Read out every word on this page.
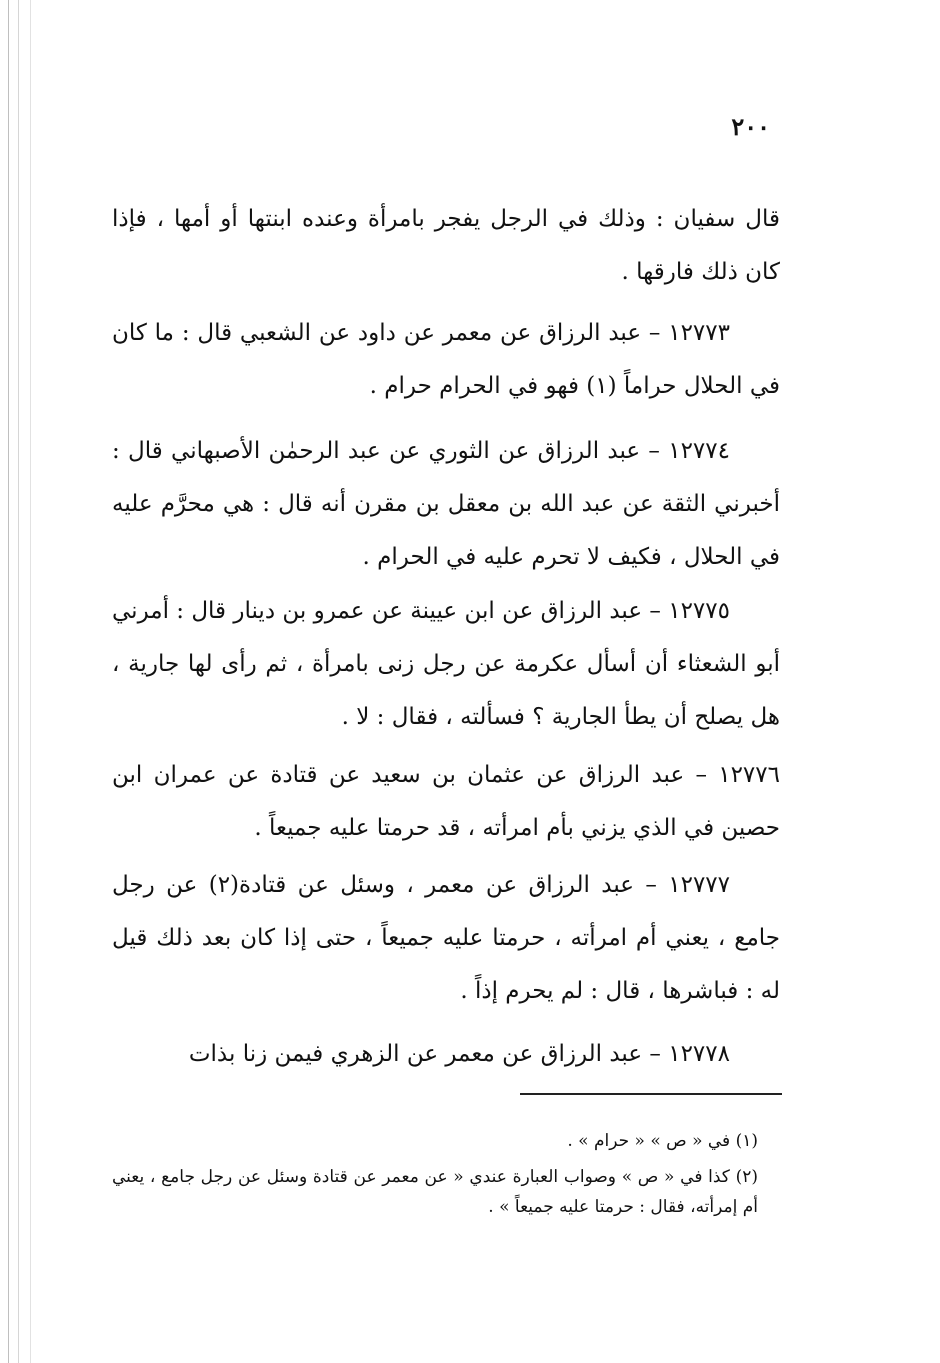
٢٠٠

قال سفيان : وذلك في الرجل يفجر بامرأة وعنده ابنتها أو أمها ، فإذا كان ذلك فارقها .

١٢٧٧٣ – عبد الرزاق عن معمر عن داود عن الشعبي قال : ما كان في الحلال حراماً (١) فهو في الحرام حرام .

١٢٧٧٤ – عبد الرزاق عن الثوري عن عبد الرحمٰن الأصبهاني قال : أخبرني الثقة عن عبد الله بن معقل بن مقرن أنه قال : هي محرَّم عليه في الحلال ، فكيف لا تحرم عليه في الحرام .

١٢٧٧٥ – عبد الرزاق عن ابن عيينة عن عمرو بن دينار قال : أمرني أبو الشعثاء أن أسأل عكرمة عن رجل زنى بامرأة ، ثم رأى لها جارية ، هل يصلح أن يطأ الجارية ؟ فسألته ، فقال : لا .

١٢٧٧٦ – عبد الرزاق عن عثمان بن سعيد عن قتادة عن عمران ابن حصين في الذي يزني بأم امرأته ، قد حرمتا عليه جميعاً .

١٢٧٧٧ – عبد الرزاق عن معمر ، وسئل عن قتادة(٢) عن رجل جامع ، يعني أم امرأته ، حرمتا عليه جميعاً ، حتى إذا كان بعد ذلك قيل له : فباشرها ، قال : لم يحرم إذاً .

١٢٧٧٨ – عبد الرزاق عن معمر عن الزهري فيمن زنا بذات

(١) في « ص » « حرام » .

(٢) كذا في « ص » وصواب العبارة عندي « عن معمر عن قتادة وسئل عن رجل جامع ، يعني أم إمرأته، فقال : حرمتا عليه جميعاً » .
